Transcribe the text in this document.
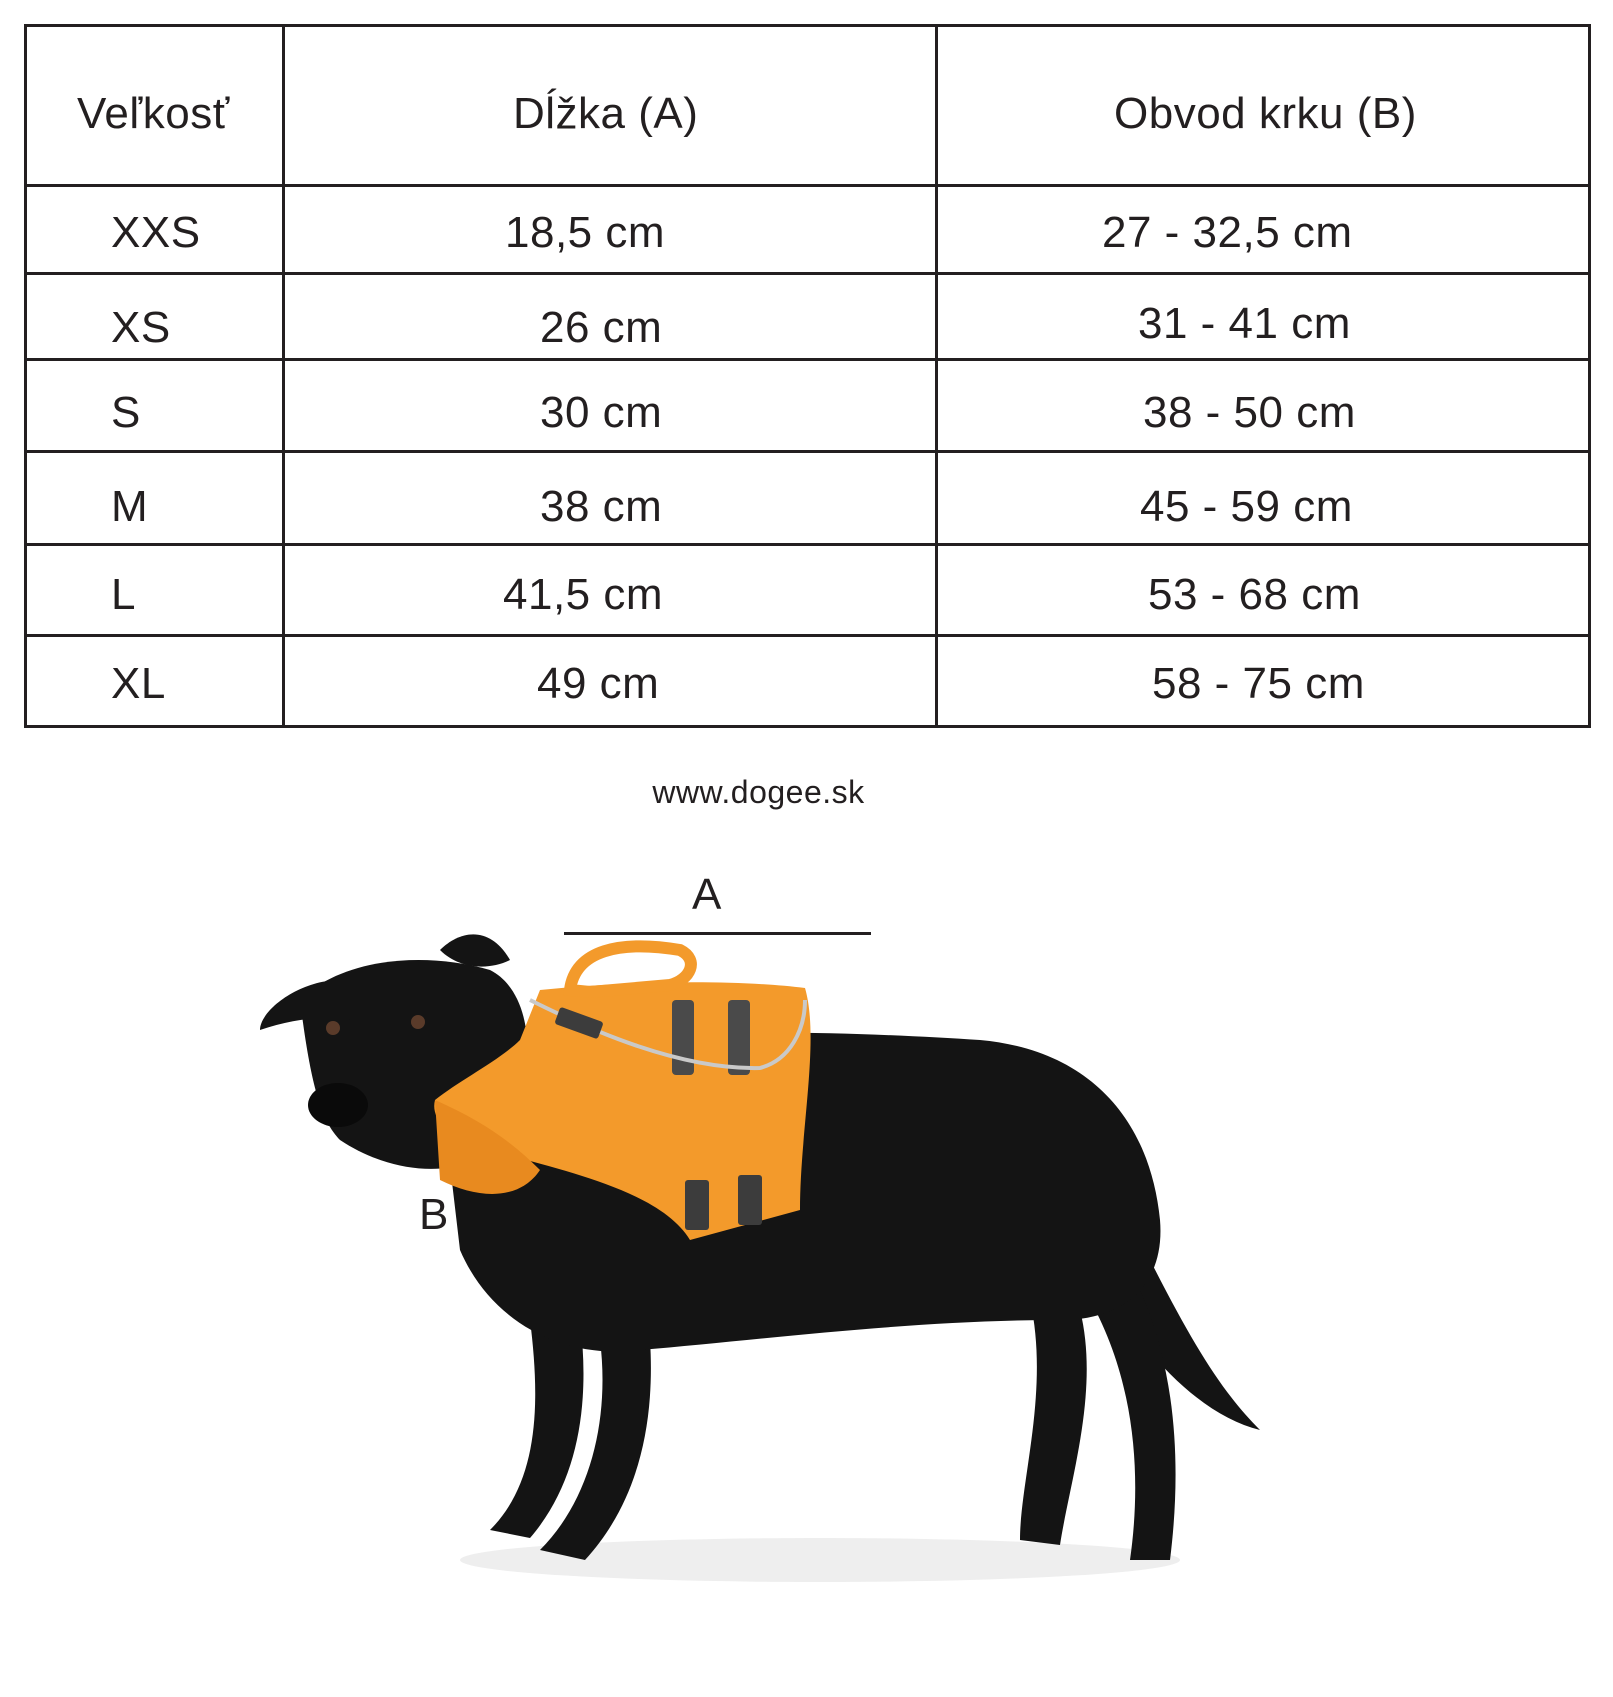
Veľkosť	Dĺžka (A)	Obvod krku (B)
XXS	18,5 cm	27 - 32,5 cm
XS	26 cm	31 - 41 cm
S	30 cm	38 - 50 cm
M	38 cm	45 - 59 cm
L	41,5 cm	53 - 68 cm
XL	49 cm	58 - 75 cm
www.dogee.sk
A
B
